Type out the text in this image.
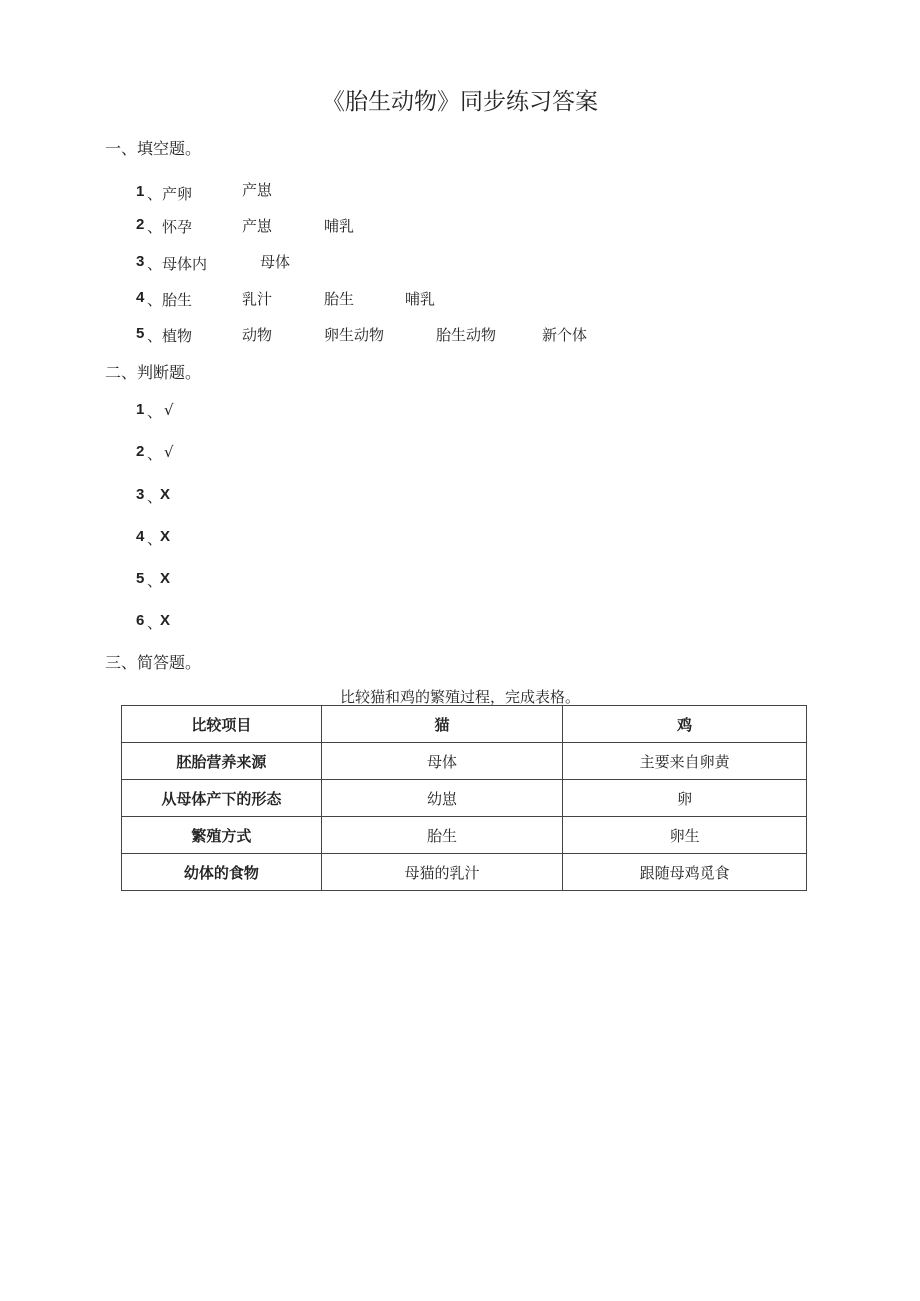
《胎生动物》同步练习答案
一、填空题。
1 、 产卵	产崽
2 、 怀孕	产崽	哺乳
3 、 母体内	母体
4 、 胎生	乳汁	胎生	哺乳
5 、 植物	动物	卵生动物	胎生动物	新个体
二、判断题。
1 、 √
2 、 √
3 、
X
4 、
X
5 、
X
6 、
X
三、简答题。
比较猫和鸡的繁殖过程，完成表格。
比较项目	猫	鸡
胚胎营养来源	母体	主要来自卵黄
从母体产下的形态	幼崽	卵
繁殖方式	胎生	卵生
幼体的食物	母猫的乳汁	跟随母鸡觅食
